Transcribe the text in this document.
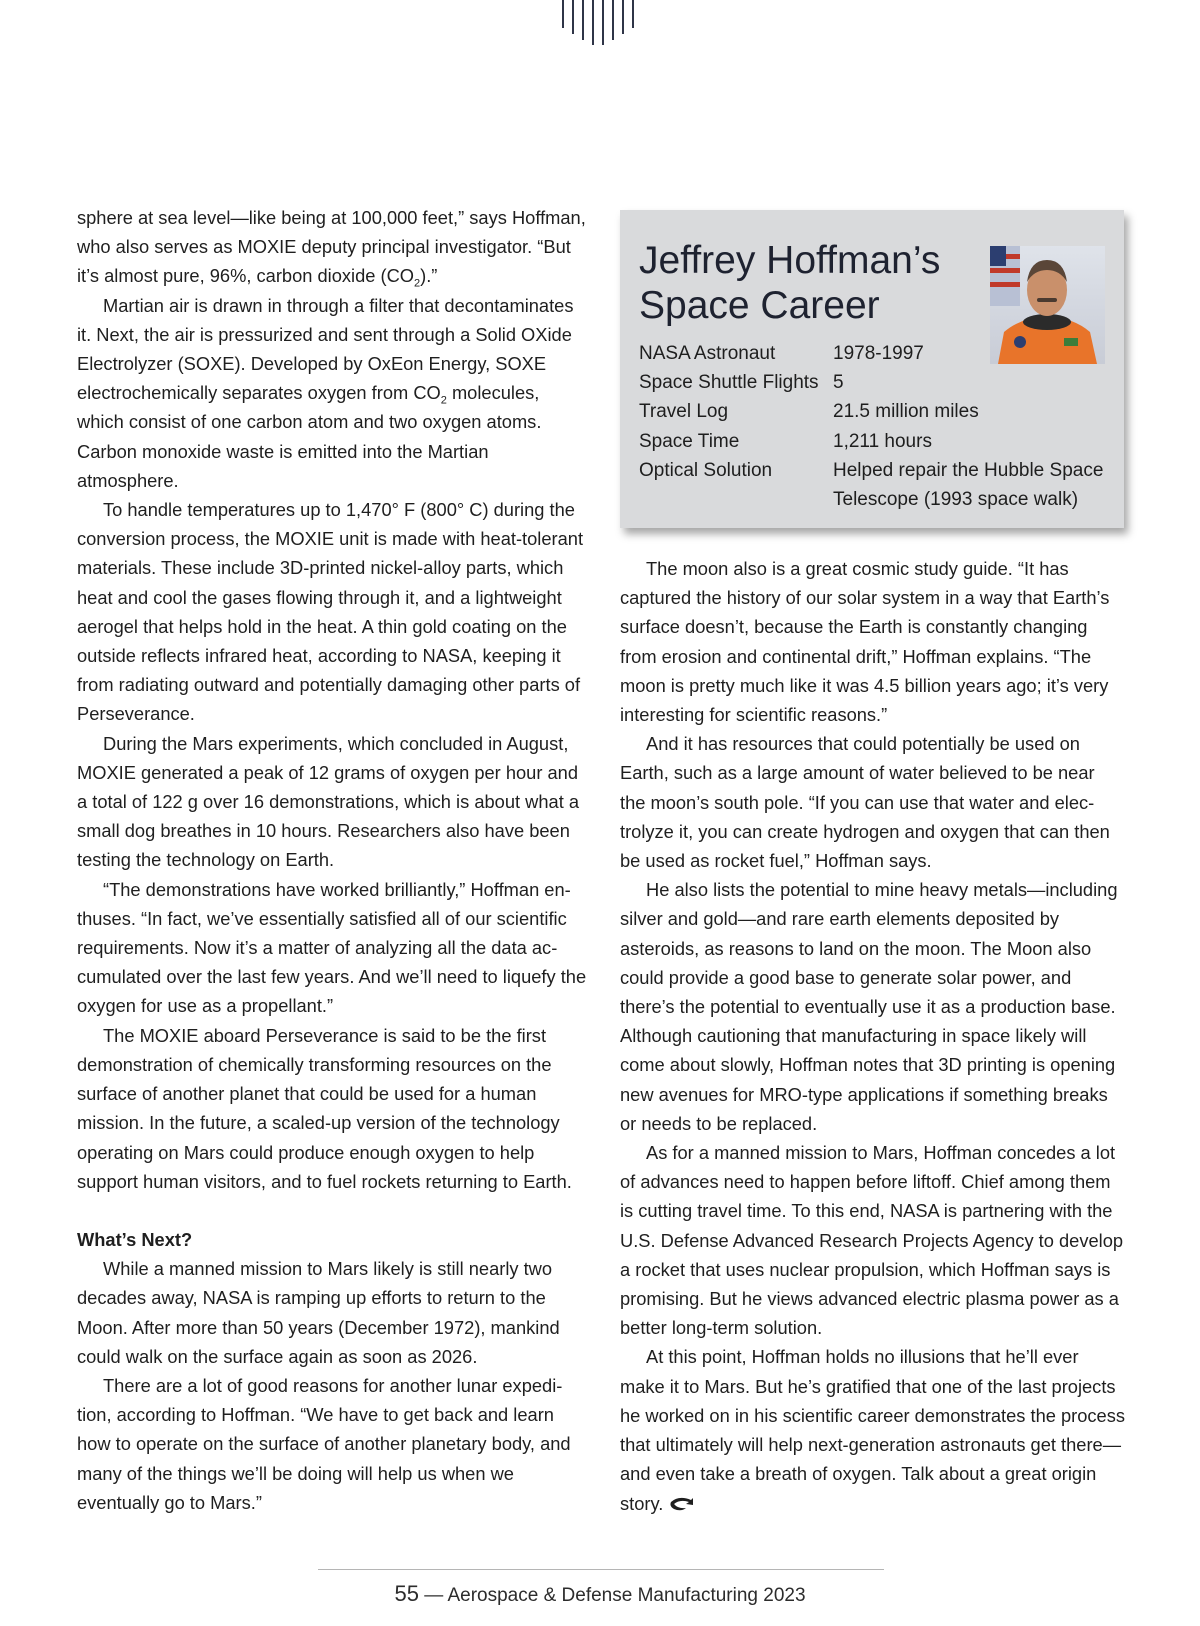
sphere at sea level—like being at 100,000 feet,” says Hoffman, who also serves as MOXIE deputy principal investigator. “But it’s almost pure, 96%, carbon dioxide $(CO_2)$.”

Martian air is drawn in through a filter that decontaminates it. Next, the air is pressurized and sent through a Solid OXide Electrolyzer (SOXE). Developed by OxEon Energy, SOXE electrochemically separates oxygen from $CO_2$ molecules, which consist of one carbon atom and two oxygen atoms. Carbon monoxide waste is emitted into the Martian atmosphere.

To handle temperatures up to 1,470° F (800° C) during the conversion process, the MOXIE unit is made with heat-tolerant materials. These include 3D-printed nickel-alloy parts, which heat and cool the gases flowing through it, and a lightweight aerogel that helps hold in the heat. A thin gold coating on the outside reflects infrared heat, according to NASA, keeping it from radiating outward and potentially damaging other parts of Perseverance.

During the Mars experiments, which concluded in August, MOXIE generated a peak of 12 grams of oxygen per hour and a total of 122 g over 16 demonstrations, which is about what a small dog breathes in 10 hours. Researchers also have been testing the technology on Earth.

“The demonstrations have worked brilliantly,” Hoffman enthuses. “In fact, we’ve essentially satisfied all of our scientific requirements. Now it’s a matter of analyzing all the data accumulated over the last few years. And we’ll need to liquefy the oxygen for use as a propellant.”

The MOXIE aboard Perseverance is said to be the first demonstration of chemically transforming resources on the surface of another planet that could be used for a human mission. In the future, a scaled-up version of the technology operating on Mars could produce enough oxygen to help support human visitors, and to fuel rockets returning to Earth.

What’s Next?

While a manned mission to Mars likely is still nearly two decades away, NASA is ramping up efforts to return to the Moon. After more than 50 years (December 1972), mankind could walk on the surface again as soon as 2026.

There are a lot of good reasons for another lunar expedition, according to Hoffman. “We have to get back and learn how to operate on the surface of another planetary body, and many of the things we’ll be doing will help us when we eventually go to Mars.”

Jeffrey Hoffman’s
Space Career
NASA Astronaut	1978-1997
Space Shuttle Flights 5
Travel Log	21.5 million miles
Space Time	1,211 hours
Optical Solution	Helped repair the Hubble Space Telescope (1993 space walk)

The moon also is a great cosmic study guide. “It has captured the history of our solar system in a way that Earth’s surface doesn’t, because the Earth is constantly changing from erosion and continental drift,” Hoffman explains. “The moon is pretty much like it was 4.5 billion years ago; it’s very interesting for scientific reasons.”

And it has resources that could potentially be used on Earth, such as a large amount of water believed to be near the moon’s south pole. “If you can use that water and electrolyze it, you can create hydrogen and oxygen that can then be used as rocket fuel,” Hoffman says.

He also lists the potential to mine heavy metals—including silver and gold—and rare earth elements deposited by asteroids, as reasons to land on the moon. The Moon also could provide a good base to generate solar power, and there’s the potential to eventually use it as a production base. Although cautioning that manufacturing in space likely will come about slowly, Hoffman notes that 3D printing is opening new avenues for MRO-type applications if something breaks or needs to be replaced.

As for a manned mission to Mars, Hoffman concedes a lot of advances need to happen before liftoff. Chief among them is cutting travel time. To this end, NASA is partnering with the U.S. Defense Advanced Research Projects Agency to develop a rocket that uses nuclear propulsion, which Hoffman says is promising. But he views advanced electric plasma power as a better long-term solution.

At this point, Hoffman holds no illusions that he’ll ever make it to Mars. But he’s gratified that one of the last projects he worked on in his scientific career demonstrates the process that ultimately will help next-generation astronauts get there—and even take a breath of oxygen. Talk about a great origin story.

55 — Aerospace & Defense Manufacturing 2023
